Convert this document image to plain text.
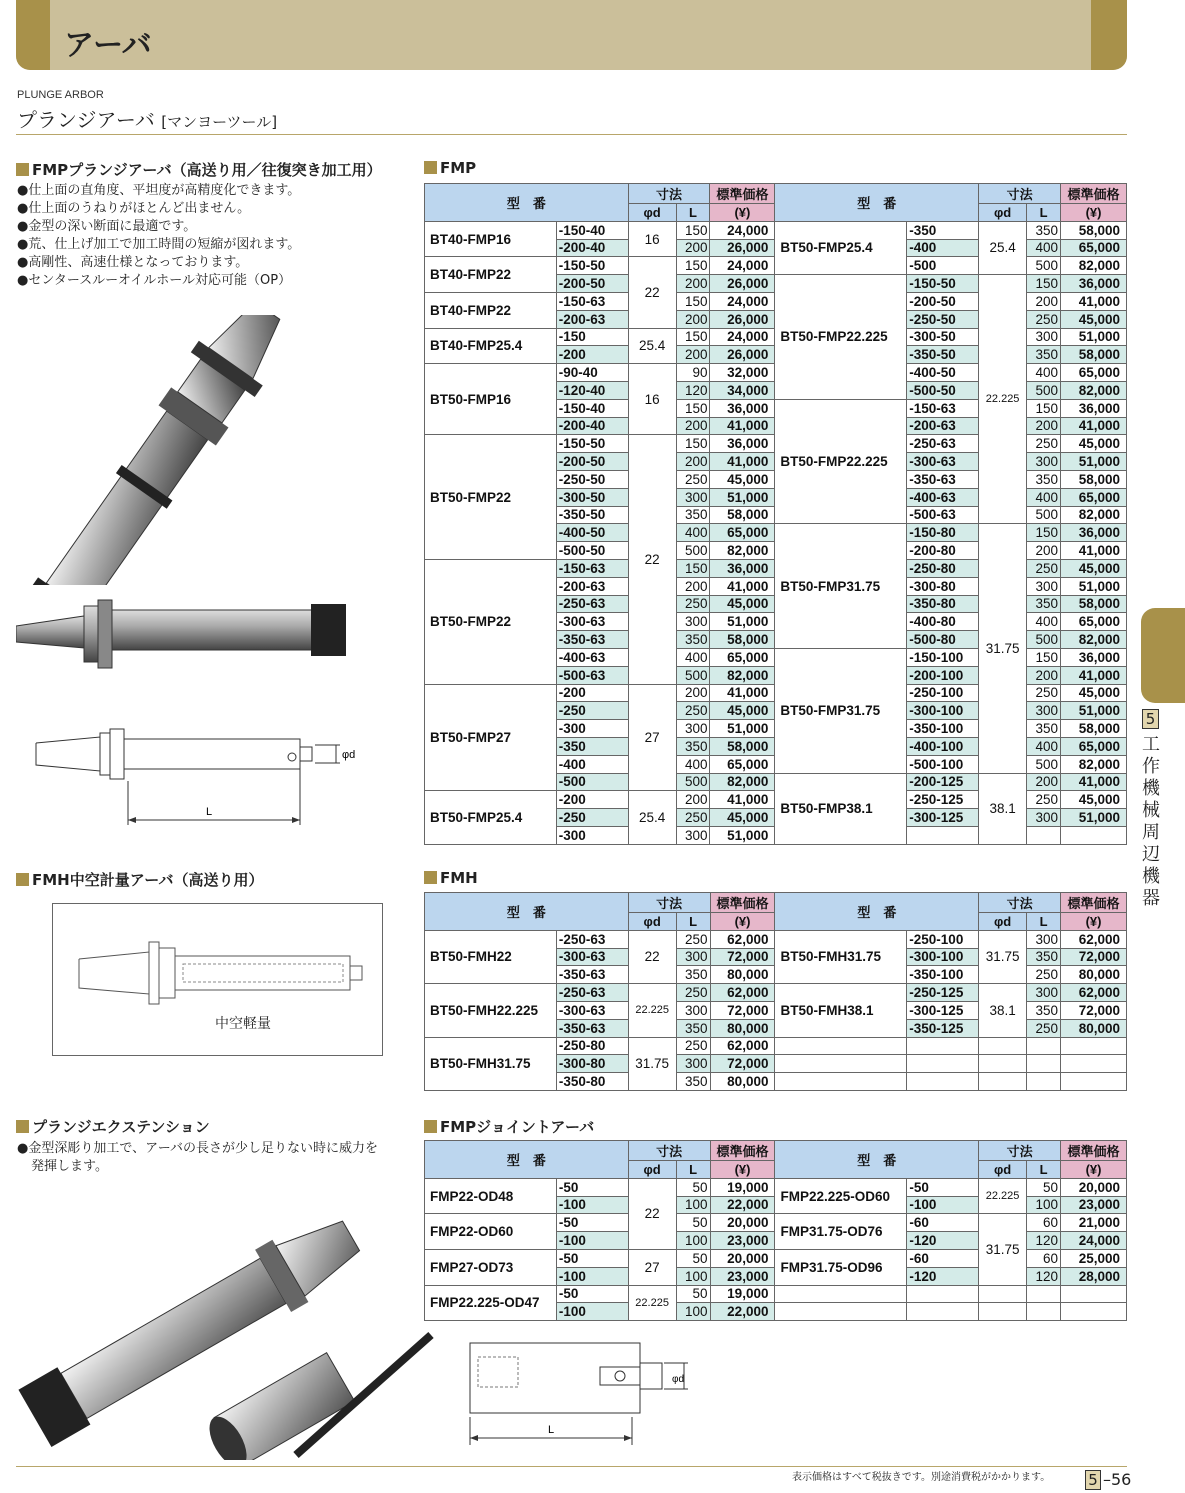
アーバ
PLUNGE ARBOR
プランジアーバ [マンヨーツール]
FMPプランジアーバ（高送り用／往復突き加工用）
●仕上面の直角度、平坦度が高精度化できます。
●仕上面のうねりがほとんど出ません。
●金型の深い断面に最適です。
●荒、仕上げ加工で加工時間の短縮が図れます。
●高剛性、高速仕様となっております。
●センタースルーオイルホール対応可能（OP）
L
φd
FMH中空計量アーバ（高送り用）
中空軽量
プランジエクステンション
●金型深彫り加工で、アーバの長さが少し足りない時に威力を
発揮します。
FMP
型　番		寸法		標準価格	型　番		寸法		標準価格
		φd	L	(¥)			φd	L	(¥)
BT40-FMP16	-150-40	16	150	24,000	BT50-FMP25.4	-350	25.4	350	58,000
	-200-40		200	26,000		-400		400	65,000
BT40-FMP22	-150-50	22	150	24,000		-500		500	82,000
	-200-50		200	26,000	BT50-FMP22.225	-150-50	22.225	150	36,000
BT40-FMP22	-150-63		150	24,000		-200-50		200	41,000
	-200-63		200	26,000		-250-50		250	45,000
BT40-FMP25.4	-150	25.4	150	24,000		-300-50		300	51,000
	-200		200	26,000		-350-50		350	58,000
BT50-FMP16	-90-40	16	90	32,000		-400-50		400	65,000
	-120-40		120	34,000		-500-50		500	82,000
	-150-40		150	36,000	BT50-FMP22.225	-150-63		150	36,000
	-200-40		200	41,000		-200-63		200	41,000
BT50-FMP22	-150-50	22	150	36,000		-250-63		250	45,000
	-200-50		200	41,000		-300-63		300	51,000
	-250-50		250	45,000		-350-63		350	58,000
	-300-50		300	51,000		-400-63		400	65,000
	-350-50		350	58,000		-500-63		500	82,000
	-400-50		400	65,000	BT50-FMP31.75	-150-80	31.75	150	36,000
	-500-50		500	82,000		-200-80		200	41,000
BT50-FMP22	-150-63		150	36,000		-250-80		250	45,000
	-200-63		200	41,000		-300-80		300	51,000
	-250-63		250	45,000		-350-80		350	58,000
	-300-63		300	51,000		-400-80		400	65,000
	-350-63		350	58,000		-500-80		500	82,000
	-400-63		400	65,000	BT50-FMP31.75	-150-100		150	36,000
	-500-63		500	82,000		-200-100		200	41,000
BT50-FMP27	-200	27	200	41,000		-250-100		250	45,000
	-250		250	45,000		-300-100		300	51,000
	-300		300	51,000		-350-100		350	58,000
	-350		350	58,000		-400-100		400	65,000
	-400		400	65,000		-500-100		500	82,000
	-500		500	82,000	BT50-FMP38.1	-200-125	38.1	200	41,000
BT50-FMP25.4	-200	25.4	200	41,000		-250-125		250	45,000
	-250		250	45,000		-300-125		300	51,000
	-300		300	51,000					
FMH
型　番		寸法		標準価格	型　番		寸法		標準価格
		φd	L	(¥)			φd	L	(¥)
BT50-FMH22	-250-63	22	250	62,000	BT50-FMH31.75	-250-100	31.75	300	62,000
	-300-63		300	72,000		-300-100		350	72,000
	-350-63		350	80,000		-350-100		250	80,000
BT50-FMH22.225	-250-63	22.225	250	62,000	BT50-FMH38.1	-250-125	38.1	300	62,000
	-300-63		300	72,000		-300-125		350	72,000
	-350-63		350	80,000		-350-125		250	80,000
BT50-FMH31.75	-250-80	31.75	250	62,000					
	-300-80		300	72,000					
	-350-80		350	80,000					
FMPジョイントアーバ
型　番		寸法		標準価格	型　番		寸法		標準価格
		φd	L	(¥)			φd	L	(¥)
FMP22-OD48	-50	22	50	19,000	FMP22.225-OD60	-50	22.225	50	20,000
	-100		100	22,000		-100		100	23,000
FMP22-OD60	-50		50	20,000	FMP31.75-OD76	-60	31.75	60	21,000
	-100		100	23,000		-120		120	24,000
FMP27-OD73	-50	27	50	20,000	FMP31.75-OD96	-60		60	25,000
	-100		100	23,000		-120		120	28,000
FMP22.225-OD47	-50	22.225	50	19,000					
	-100		100	22,000					
φd
L
5
工作機械周辺機器
表示価格はすべて税抜きです。別途消費税がかかります。	5 –56
